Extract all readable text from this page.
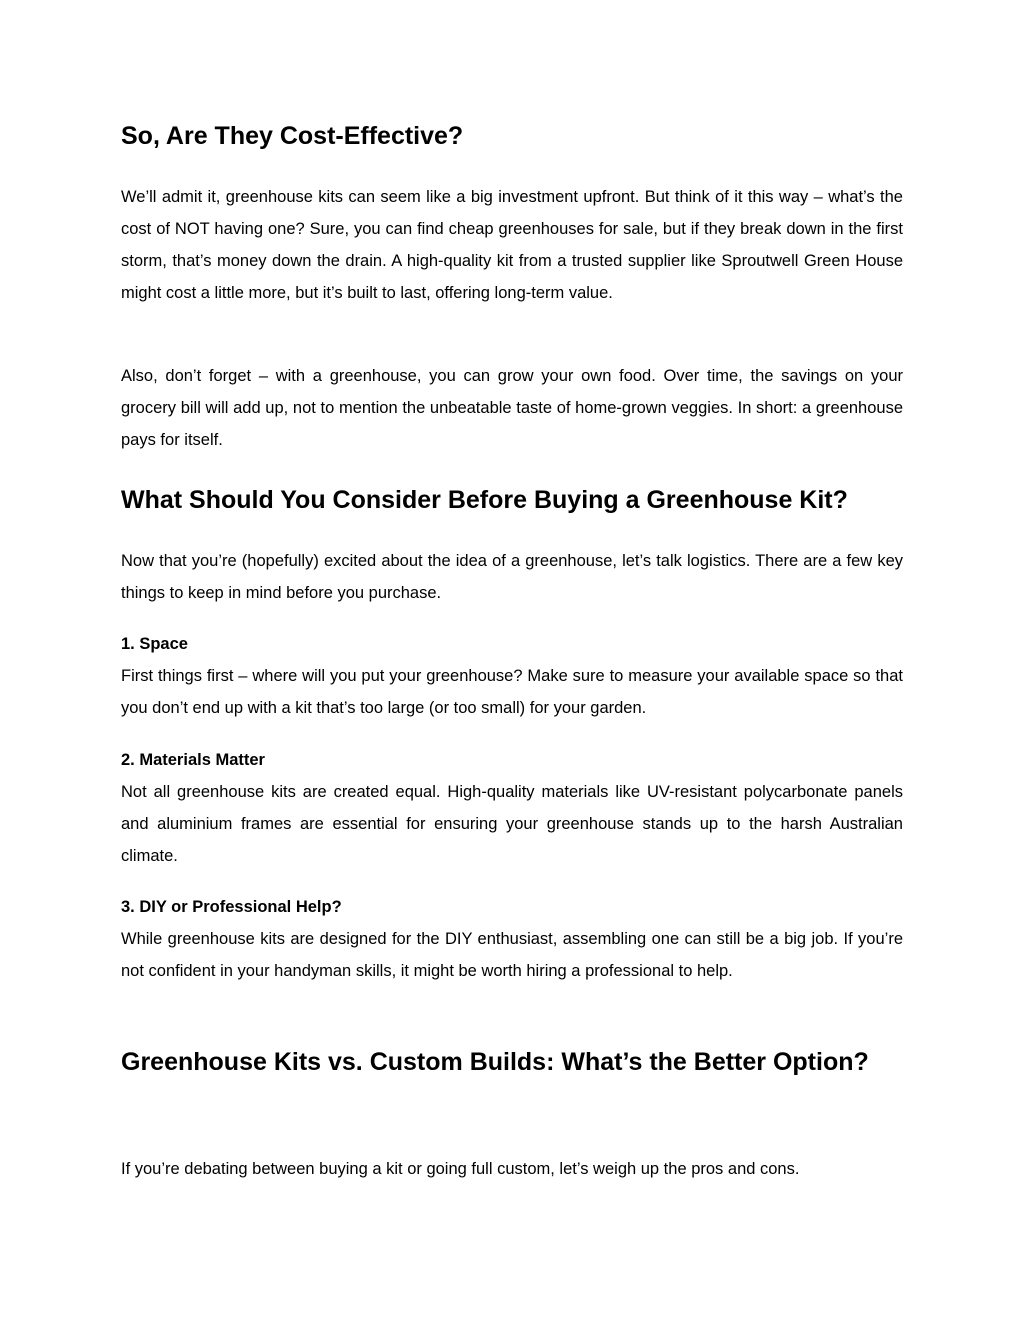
So, Are They Cost-Effective?

We’ll admit it, greenhouse kits can seem like a big investment upfront. But think of it this way – what’s the cost of NOT having one? Sure, you can find cheap greenhouses for sale, but if they break down in the first storm, that’s money down the drain. A high-quality kit from a trusted supplier like Sproutwell Green House might cost a little more, but it’s built to last, offering long-term value.

Also, don’t forget – with a greenhouse, you can grow your own food. Over time, the savings on your grocery bill will add up, not to mention the unbeatable taste of home-grown veggies. In short: a greenhouse pays for itself.

What Should You Consider Before Buying a Greenhouse Kit?

Now that you’re (hopefully) excited about the idea of a greenhouse, let’s talk logistics. There are a few key things to keep in mind before you purchase.

1. Space

First things first – where will you put your greenhouse? Make sure to measure your available space so that you don’t end up with a kit that’s too large (or too small) for your garden.

2. Materials Matter

Not all greenhouse kits are created equal. High-quality materials like UV-resistant polycarbonate panels and aluminium frames are essential for ensuring your greenhouse stands up to the harsh Australian climate.

3. DIY or Professional Help?

While greenhouse kits are designed for the DIY enthusiast, assembling one can still be a big job. If you’re not confident in your handyman skills, it might be worth hiring a professional to help.

Greenhouse Kits vs. Custom Builds: What’s the Better Option?

If you’re debating between buying a kit or going full custom, let’s weigh up the pros and cons.
